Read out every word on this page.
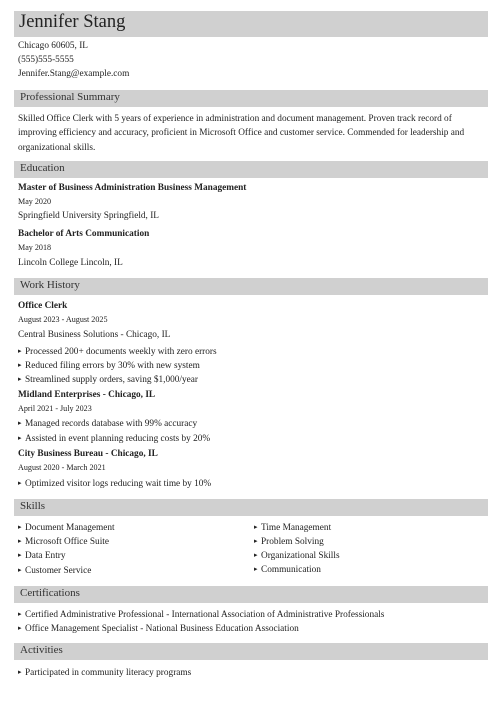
Jennifer Stang
Chicago 60605, IL
(555)555-5555
Jennifer.Stang@example.com
Professional Summary
Skilled Office Clerk with 5 years of experience in administration and document management. Proven track record of improving efficiency and accuracy, proficient in Microsoft Office and customer service. Commended for leadership and organizational skills.
Education
Master of Business Administration Business Management
May 2020
Springfield University Springfield, IL
Bachelor of Arts Communication
May 2018
Lincoln College Lincoln, IL
Work History
Office Clerk
August 2023 - August 2025
Central Business Solutions - Chicago, IL
▸ Processed 200+ documents weekly with zero errors
▸ Reduced filing errors by 30% with new system
▸ Streamlined supply orders, saving $1,000/year
Midland Enterprises - Chicago, IL
April 2021 - July 2023
▸ Managed records database with 99% accuracy
▸ Assisted in event planning reducing costs by 20%
City Business Bureau - Chicago, IL
August 2020 - March 2021
▸ Optimized visitor logs reducing wait time by 10%
Skills
▸ Document Management
▸ Microsoft Office Suite
▸ Data Entry
▸ Customer Service
▸ Time Management
▸ Problem Solving
▸ Organizational Skills
▸ Communication
Certifications
▸ Certified Administrative Professional - International Association of Administrative Professionals
▸ Office Management Specialist - National Business Education Association
Activities
▸ Participated in community literacy programs
